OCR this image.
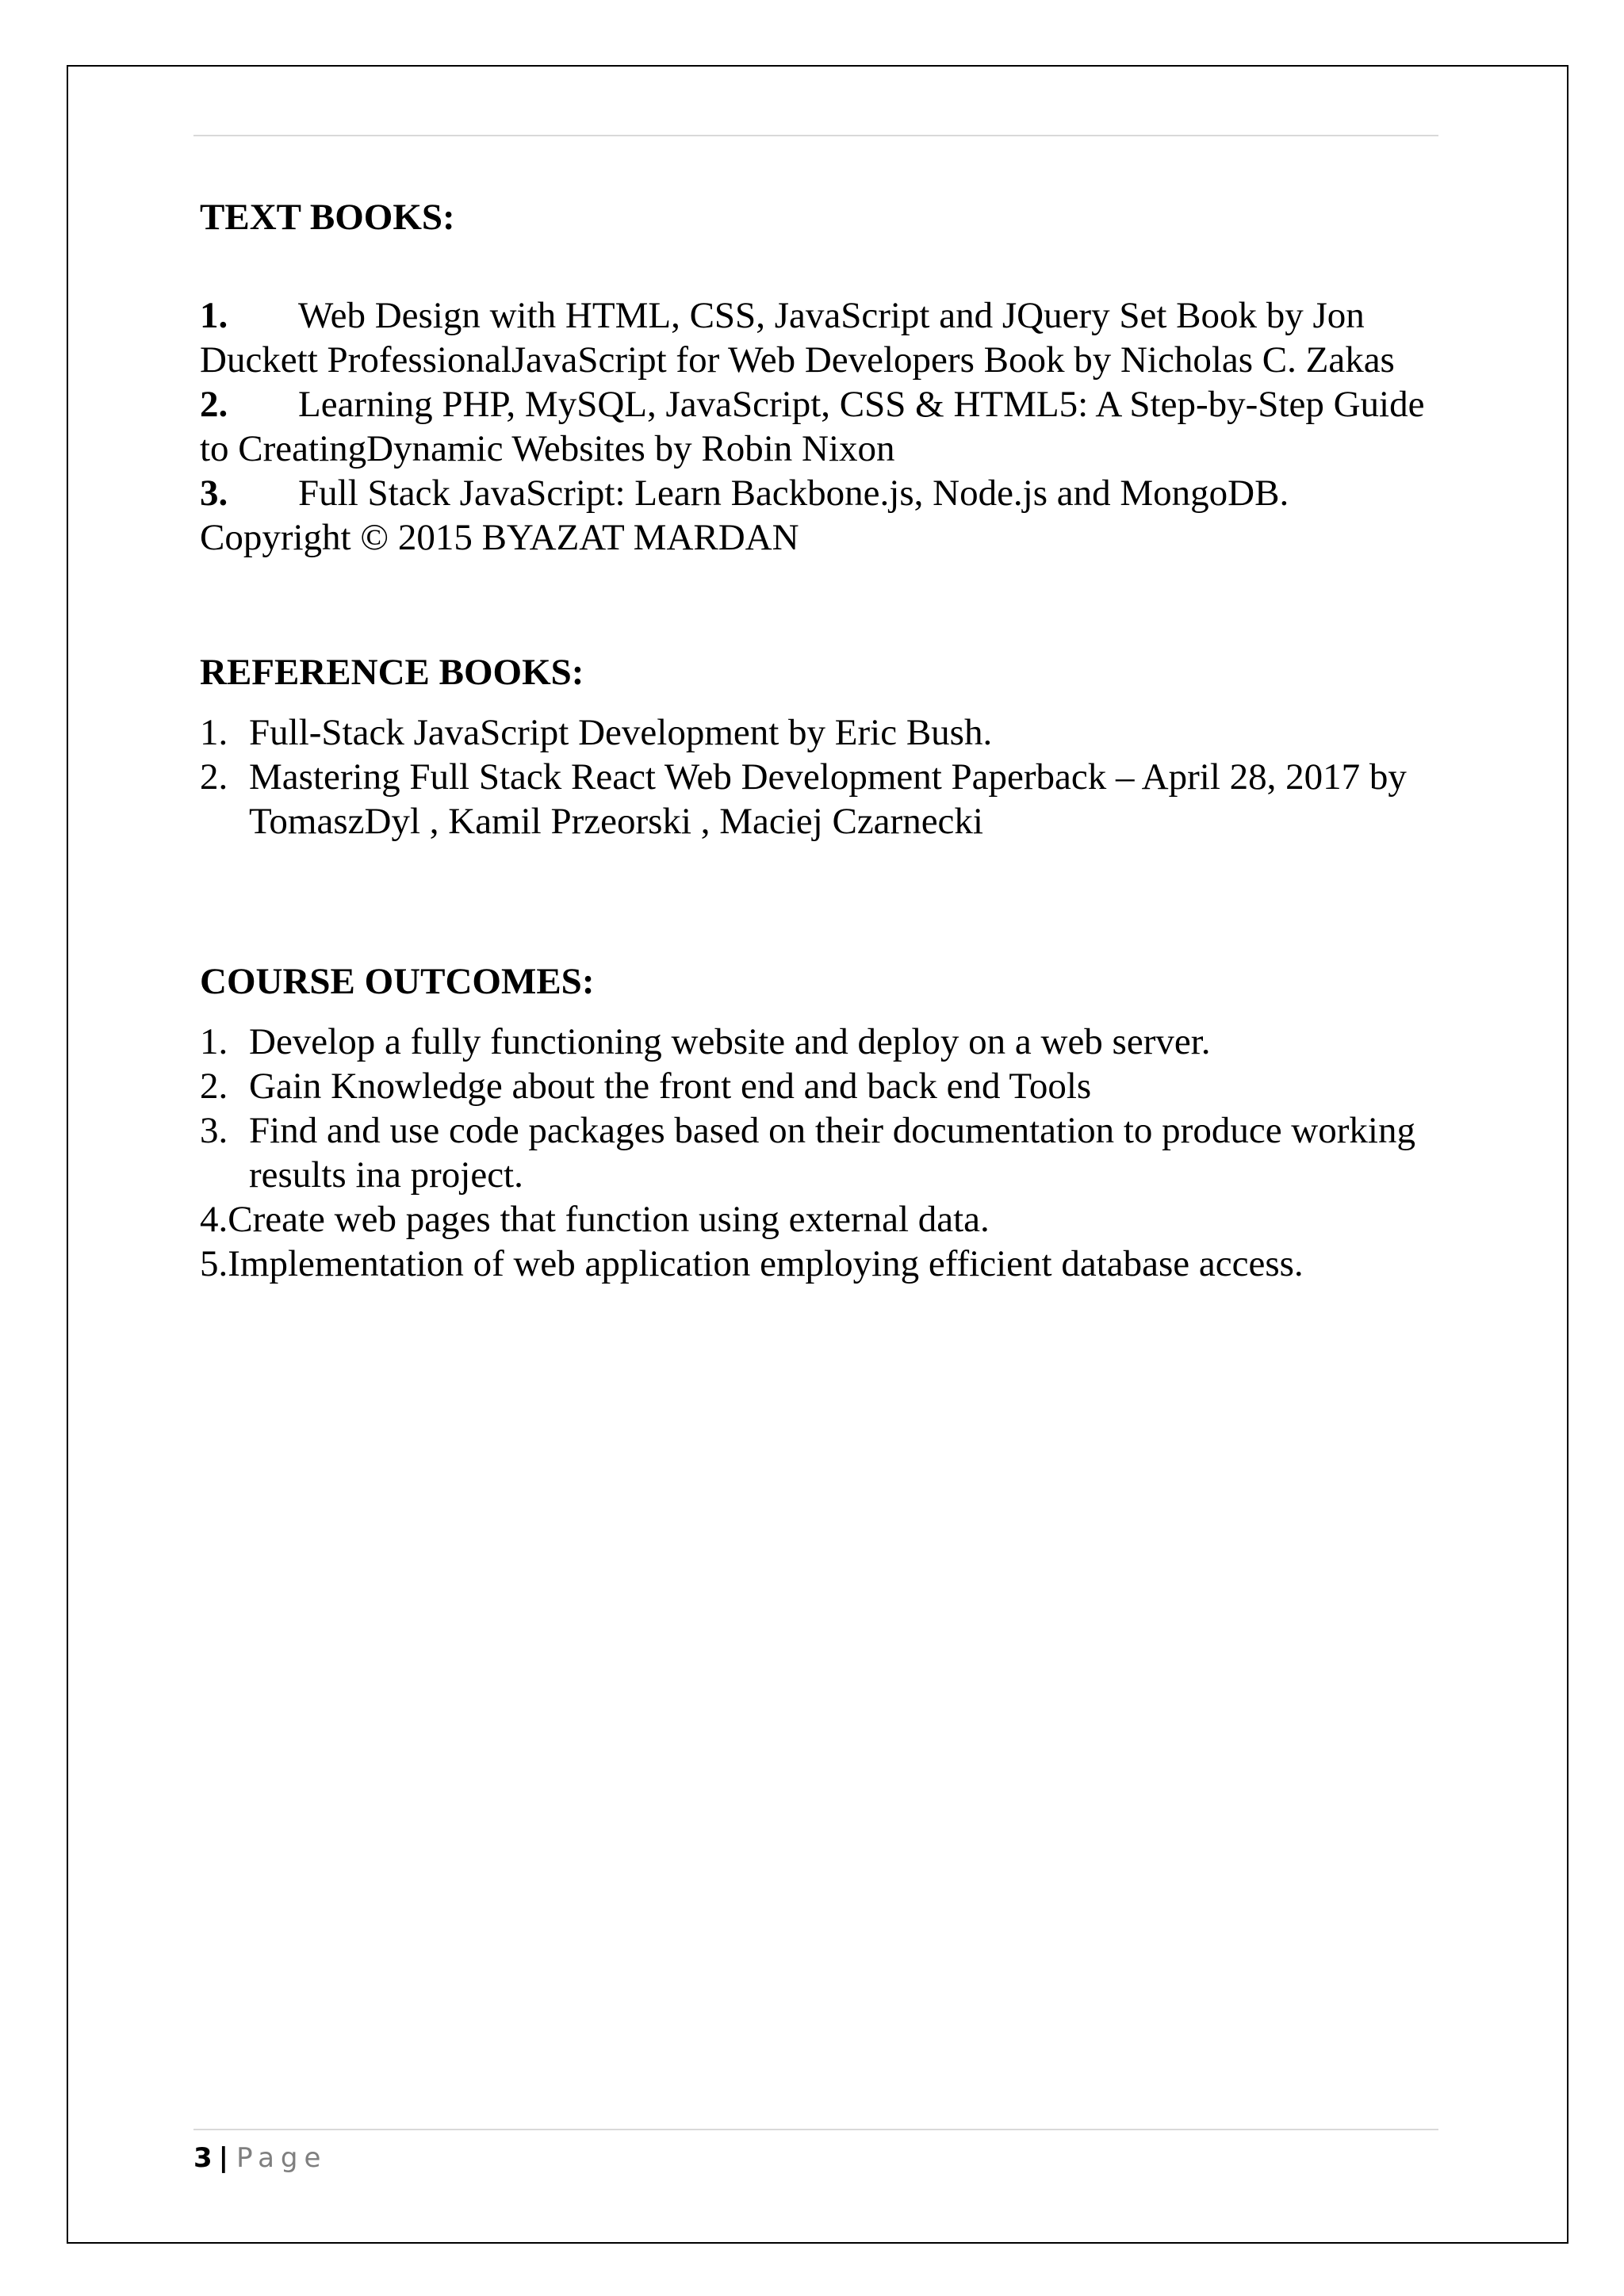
TEXT BOOKS:
1. Web Design with HTML, CSS, JavaScript and JQuery Set Book by Jon Duckett ProfessionalJavaScript for Web Developers Book by Nicholas C. Zakas
2. Learning PHP, MySQL, JavaScript, CSS & HTML5: A Step-by-Step Guide to CreatingDynamic Websites by Robin Nixon
3. Full Stack JavaScript: Learn Backbone.js, Node.js and MongoDB. Copyright © 2015 BYAZAT MARDAN
REFERENCE BOOKS:
1. Full-Stack JavaScript Development by Eric Bush.
2. Mastering Full Stack React Web Development Paperback – April 28, 2017 by TomaszDyl , Kamil Przeorski , Maciej Czarnecki
COURSE OUTCOMES:
1. Develop a fully functioning website and deploy on a web server.
2. Gain Knowledge about the front end and back end Tools
3. Find and use code packages based on their documentation to produce working results ina project.
4.Create web pages that function using external data.
5.Implementation of web application employing efficient database access.
3 | Page
